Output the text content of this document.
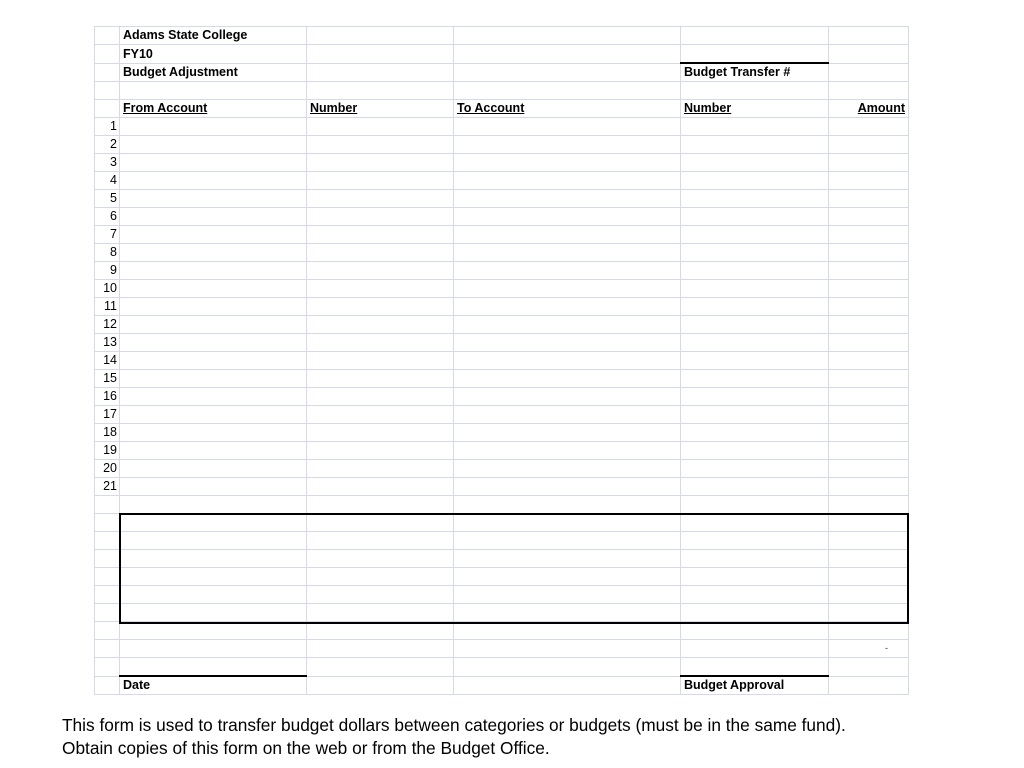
	Adams State College				
	FY10				
	Budget Adjustment			Budget Transfer #	

	From Account	Number	To Account	Number	Amount
1					
2					
3					
4					
5					
6					
7					
8					
9					
10					
11					
12					
13					
14					
15					
16					
17					
18					
19					
20					
21					

					-

	Date			Budget Approval	
This form is used to transfer budget dollars between categories or budgets (must be in the same fund).
Obtain copies of this form on the web or from the Budget Office.
